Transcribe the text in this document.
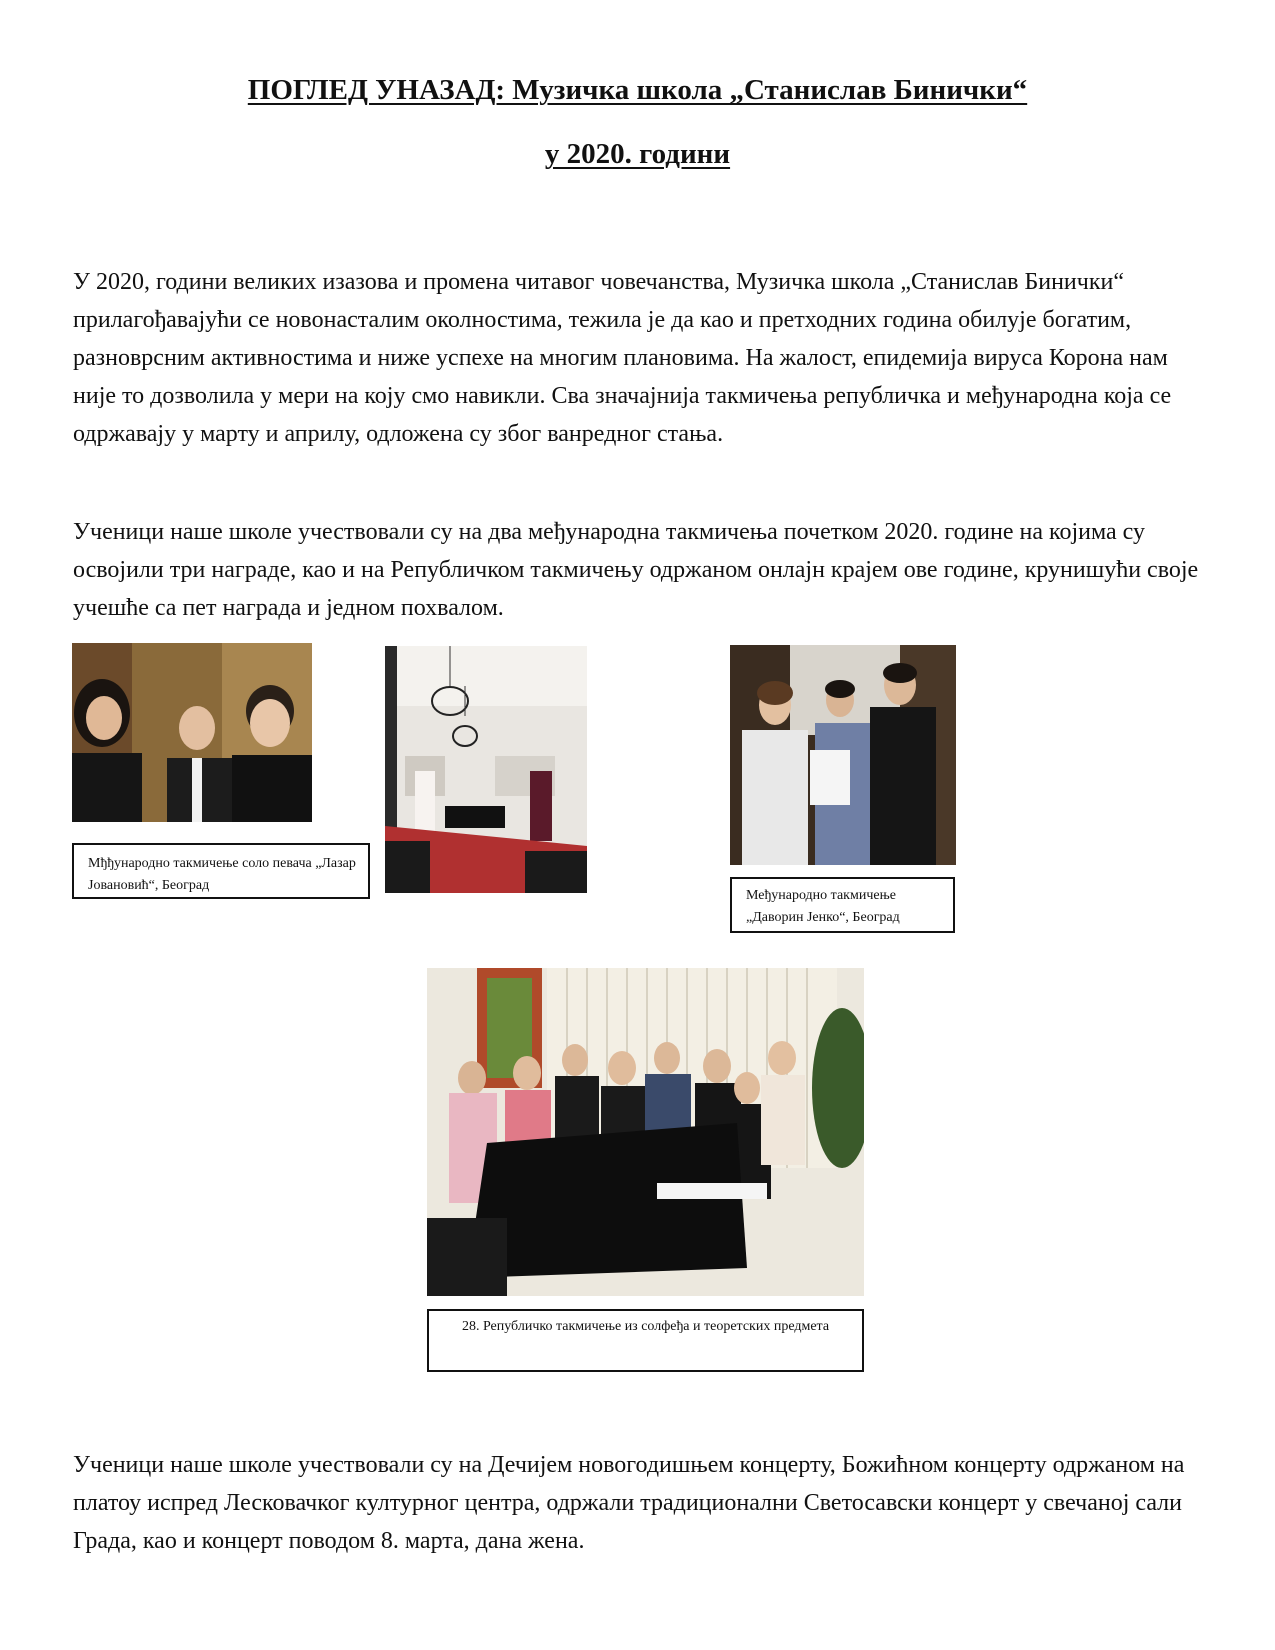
ПОГЛЕД УНАЗАД: Музичка школа „Станислав Бинички“
у 2020. години

У 2020, години великих изазова и промена читавог човечанства, Музичка школа „Станислав Бинички“ прилагођавајући се новонасталим околностима, тежила је да као и претходних година обилује богатим, разноврсним активностима и ниже успехе на многим плановима. На жалост, епидемија вируса Корона нам није то дозволила у мери на коју смо навикли. Сва значајнија такмичења републичка и међународна која се одржавају у марту и априлу, одложена су због ванредног стања.

Ученици наше школе учествовали су на два међународна такмичења почетком 2020. године на којима су освојили три награде, као и на Републичком такмичењу одржаном онлајн крајем ове године, крунишући своје учешће са пет награда и једном похвалом.

Мђђународно такмичење соло певача „Лазар Јовановић“, Београд
Међународно такмичење „Даворин Јенко“, Београд
28. Републичко такмичење из солфеђа и теоретских предмета

Ученици наше школе учествовали су на Дечијем новогодишњем концерту, Божићном концерту одржаном на платоу испред Лесковачког културног центра, одржали традиционални Светосавски концерт у свечаној сали Града, као и концерт поводом 8. марта, дана жена.
